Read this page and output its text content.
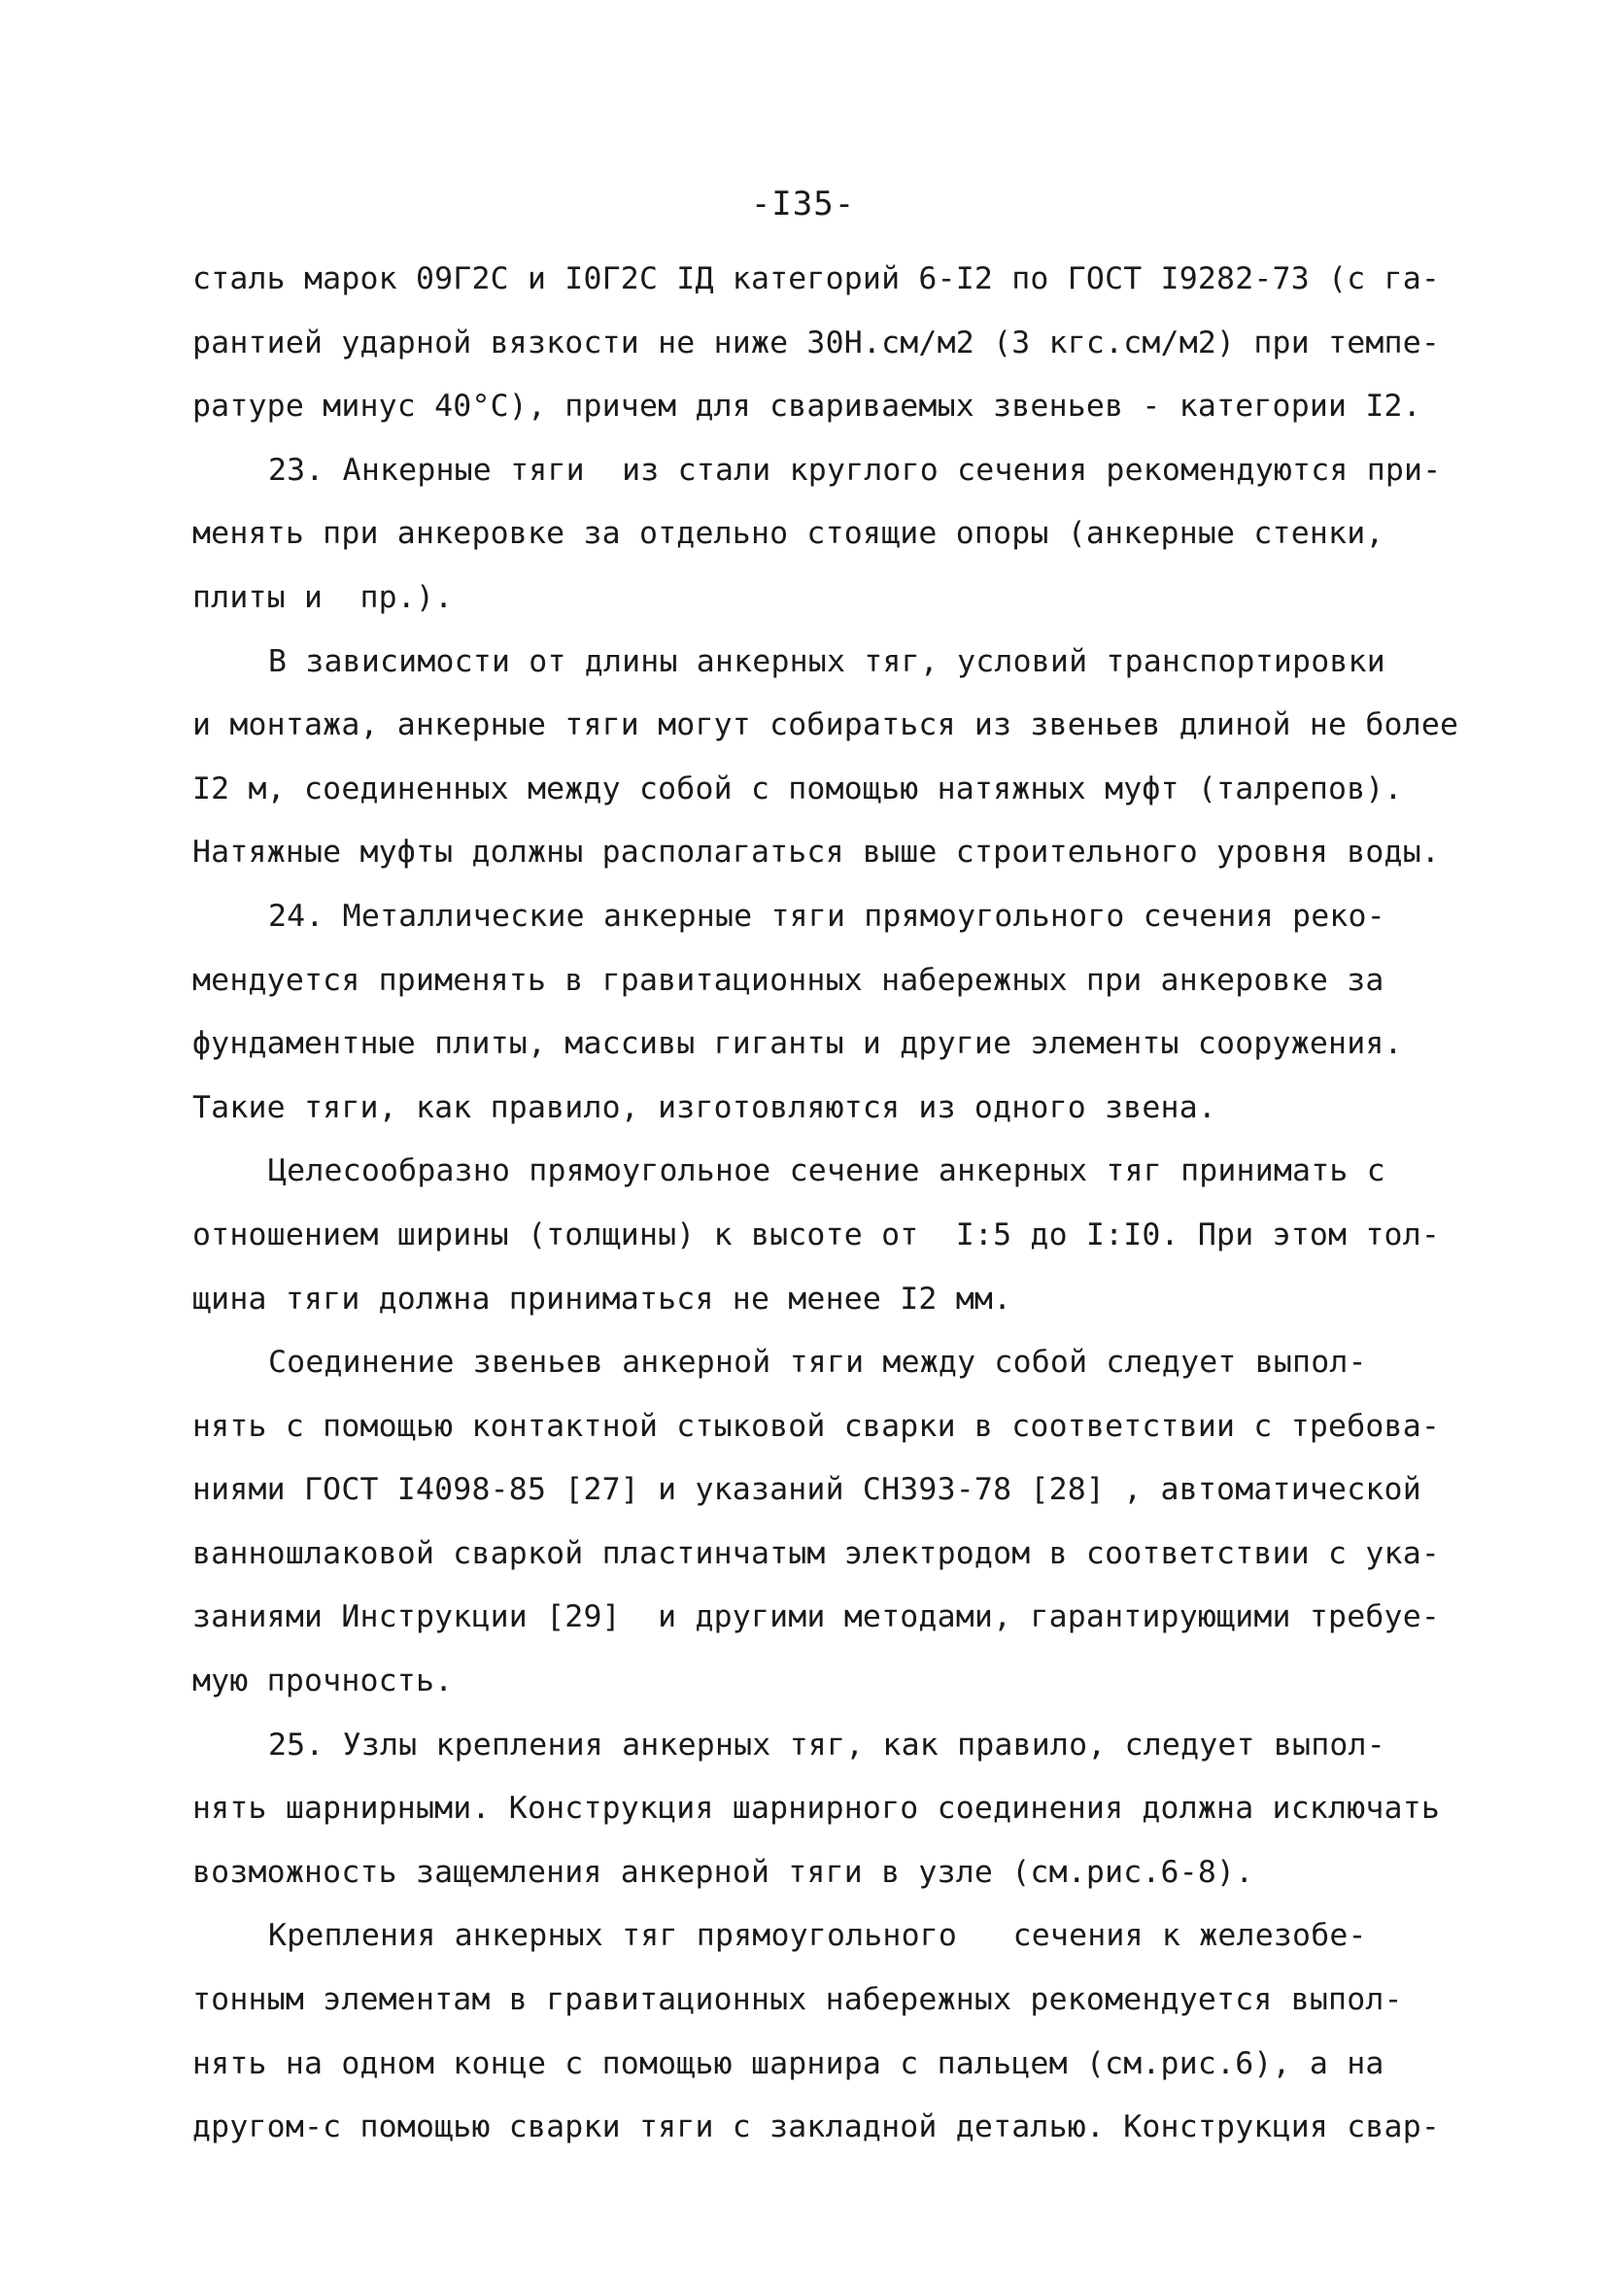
-I35-
сталь марок 09Г2С и I0Г2С IД категорий 6-I2 по ГОСТ I9282-73 (с га-
рантией ударной вязкости не ниже 30Н.см/м2 (3 кгс.см/м2) при темпе-
ратуре минус 40°С), причем для свариваемых звеньев - категории I2.
23. Анкерные тяги  из стали круглого сечения рекомендуются при-
менять при анкеровке за отдельно стоящие опоры (анкерные стенки,
плиты и  пр.).
В зависимости от длины анкерных тяг, условий транспортировки
и монтажа, анкерные тяги могут собираться из звеньев длиной не более
I2 м, соединенных между собой с помощью натяжных муфт (талрепов).
Натяжные муфты должны располагаться выше строительного уровня воды.
24. Металлические анкерные тяги прямоугольного сечения реко-
мендуется применять в гравитационных набережных при анкеровке за
фундаментные плиты, массивы гиганты и другие элементы сооружения.
Такие тяги, как правило, изготовляются из одного звена.
Целесообразно прямоугольное сечение анкерных тяг принимать с
отношением ширины (толщины) к высоте от  I:5 до I:I0. При этом тол-
щина тяги должна приниматься не менее I2 мм.
Соединение звеньев анкерной тяги между собой следует выпол-
нять с помощью контактной стыковой сварки в соответствии с требова-
ниями ГОСТ I4098-85 [27] и указаний СН393-78 [28] , автоматической
ванношлаковой сваркой пластинчатым электродом в соответствии с ука-
заниями Инструкции [29]  и другими методами, гарантирующими требуе-
мую прочность.
25. Узлы крепления анкерных тяг, как правило, следует выпол-
нять шарнирными. Конструкция шарнирного соединения должна исключать
возможность защемления анкерной тяги в узле (см.рис.6-8).
Крепления анкерных тяг прямоугольного   сечения к железобе-
тонным элементам в гравитационных набережных рекомендуется выпол-
нять на одном конце с помощью шарнира с пальцем (см.рис.6), а на
другом-с помощью сварки тяги с закладной деталью. Конструкция свар-
